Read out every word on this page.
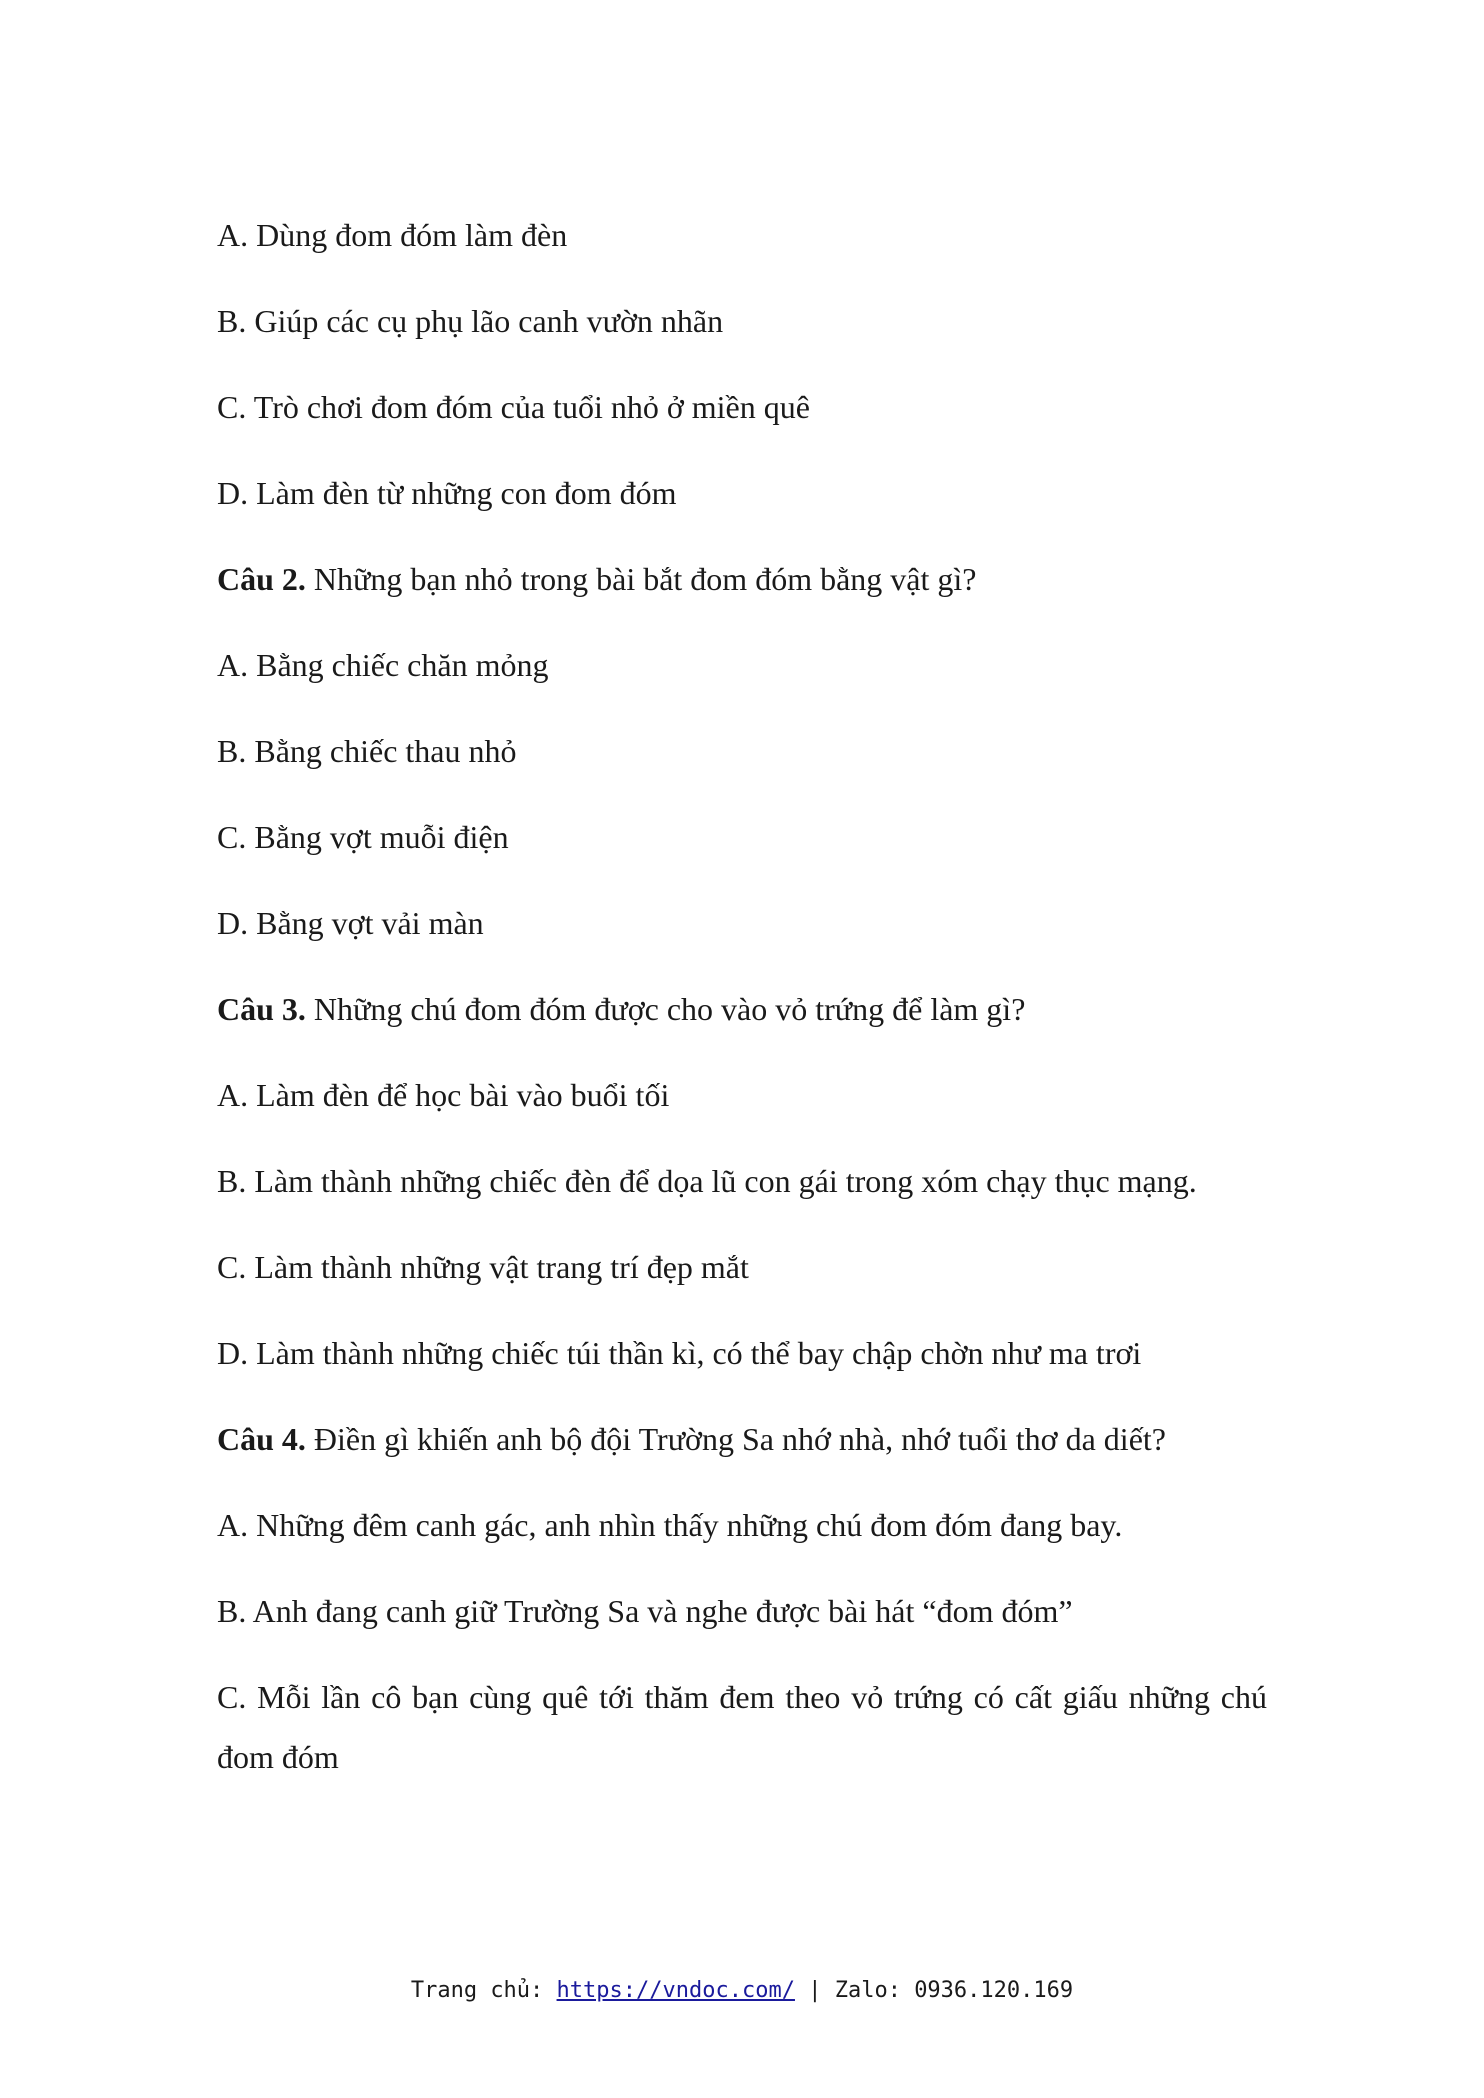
A. Dùng đom đóm làm đèn

B. Giúp các cụ phụ lão canh vườn nhãn

C. Trò chơi đom đóm của tuổi nhỏ ở miền quê

D. Làm đèn từ những con đom đóm

Câu 2. Những bạn nhỏ trong bài bắt đom đóm bằng vật gì?

A. Bằng chiếc chăn mỏng

B. Bằng chiếc thau nhỏ

C. Bằng vợt muỗi điện

D. Bằng vợt vải màn

Câu 3. Những chú đom đóm được cho vào vỏ trứng để làm gì?

A. Làm đèn để học bài vào buổi tối

B. Làm thành những chiếc đèn để dọa lũ con gái trong xóm chạy thục mạng.

C. Làm thành những vật trang trí đẹp mắt

D. Làm thành những chiếc túi thần kì, có thể bay chập chờn như ma trơi

Câu 4. Điền gì khiến anh bộ đội Trường Sa nhớ nhà, nhớ tuổi thơ da diết?

A. Những đêm canh gác, anh nhìn thấy những chú đom đóm đang bay.

B. Anh đang canh giữ Trường Sa và nghe được bài hát “đom đóm”

C. Mỗi lần cô bạn cùng quê tới thăm đem theo vỏ trứng có cất giấu những chú đom đóm

Trang chủ: https://vndoc.com/ | Zalo: 0936.120.169
